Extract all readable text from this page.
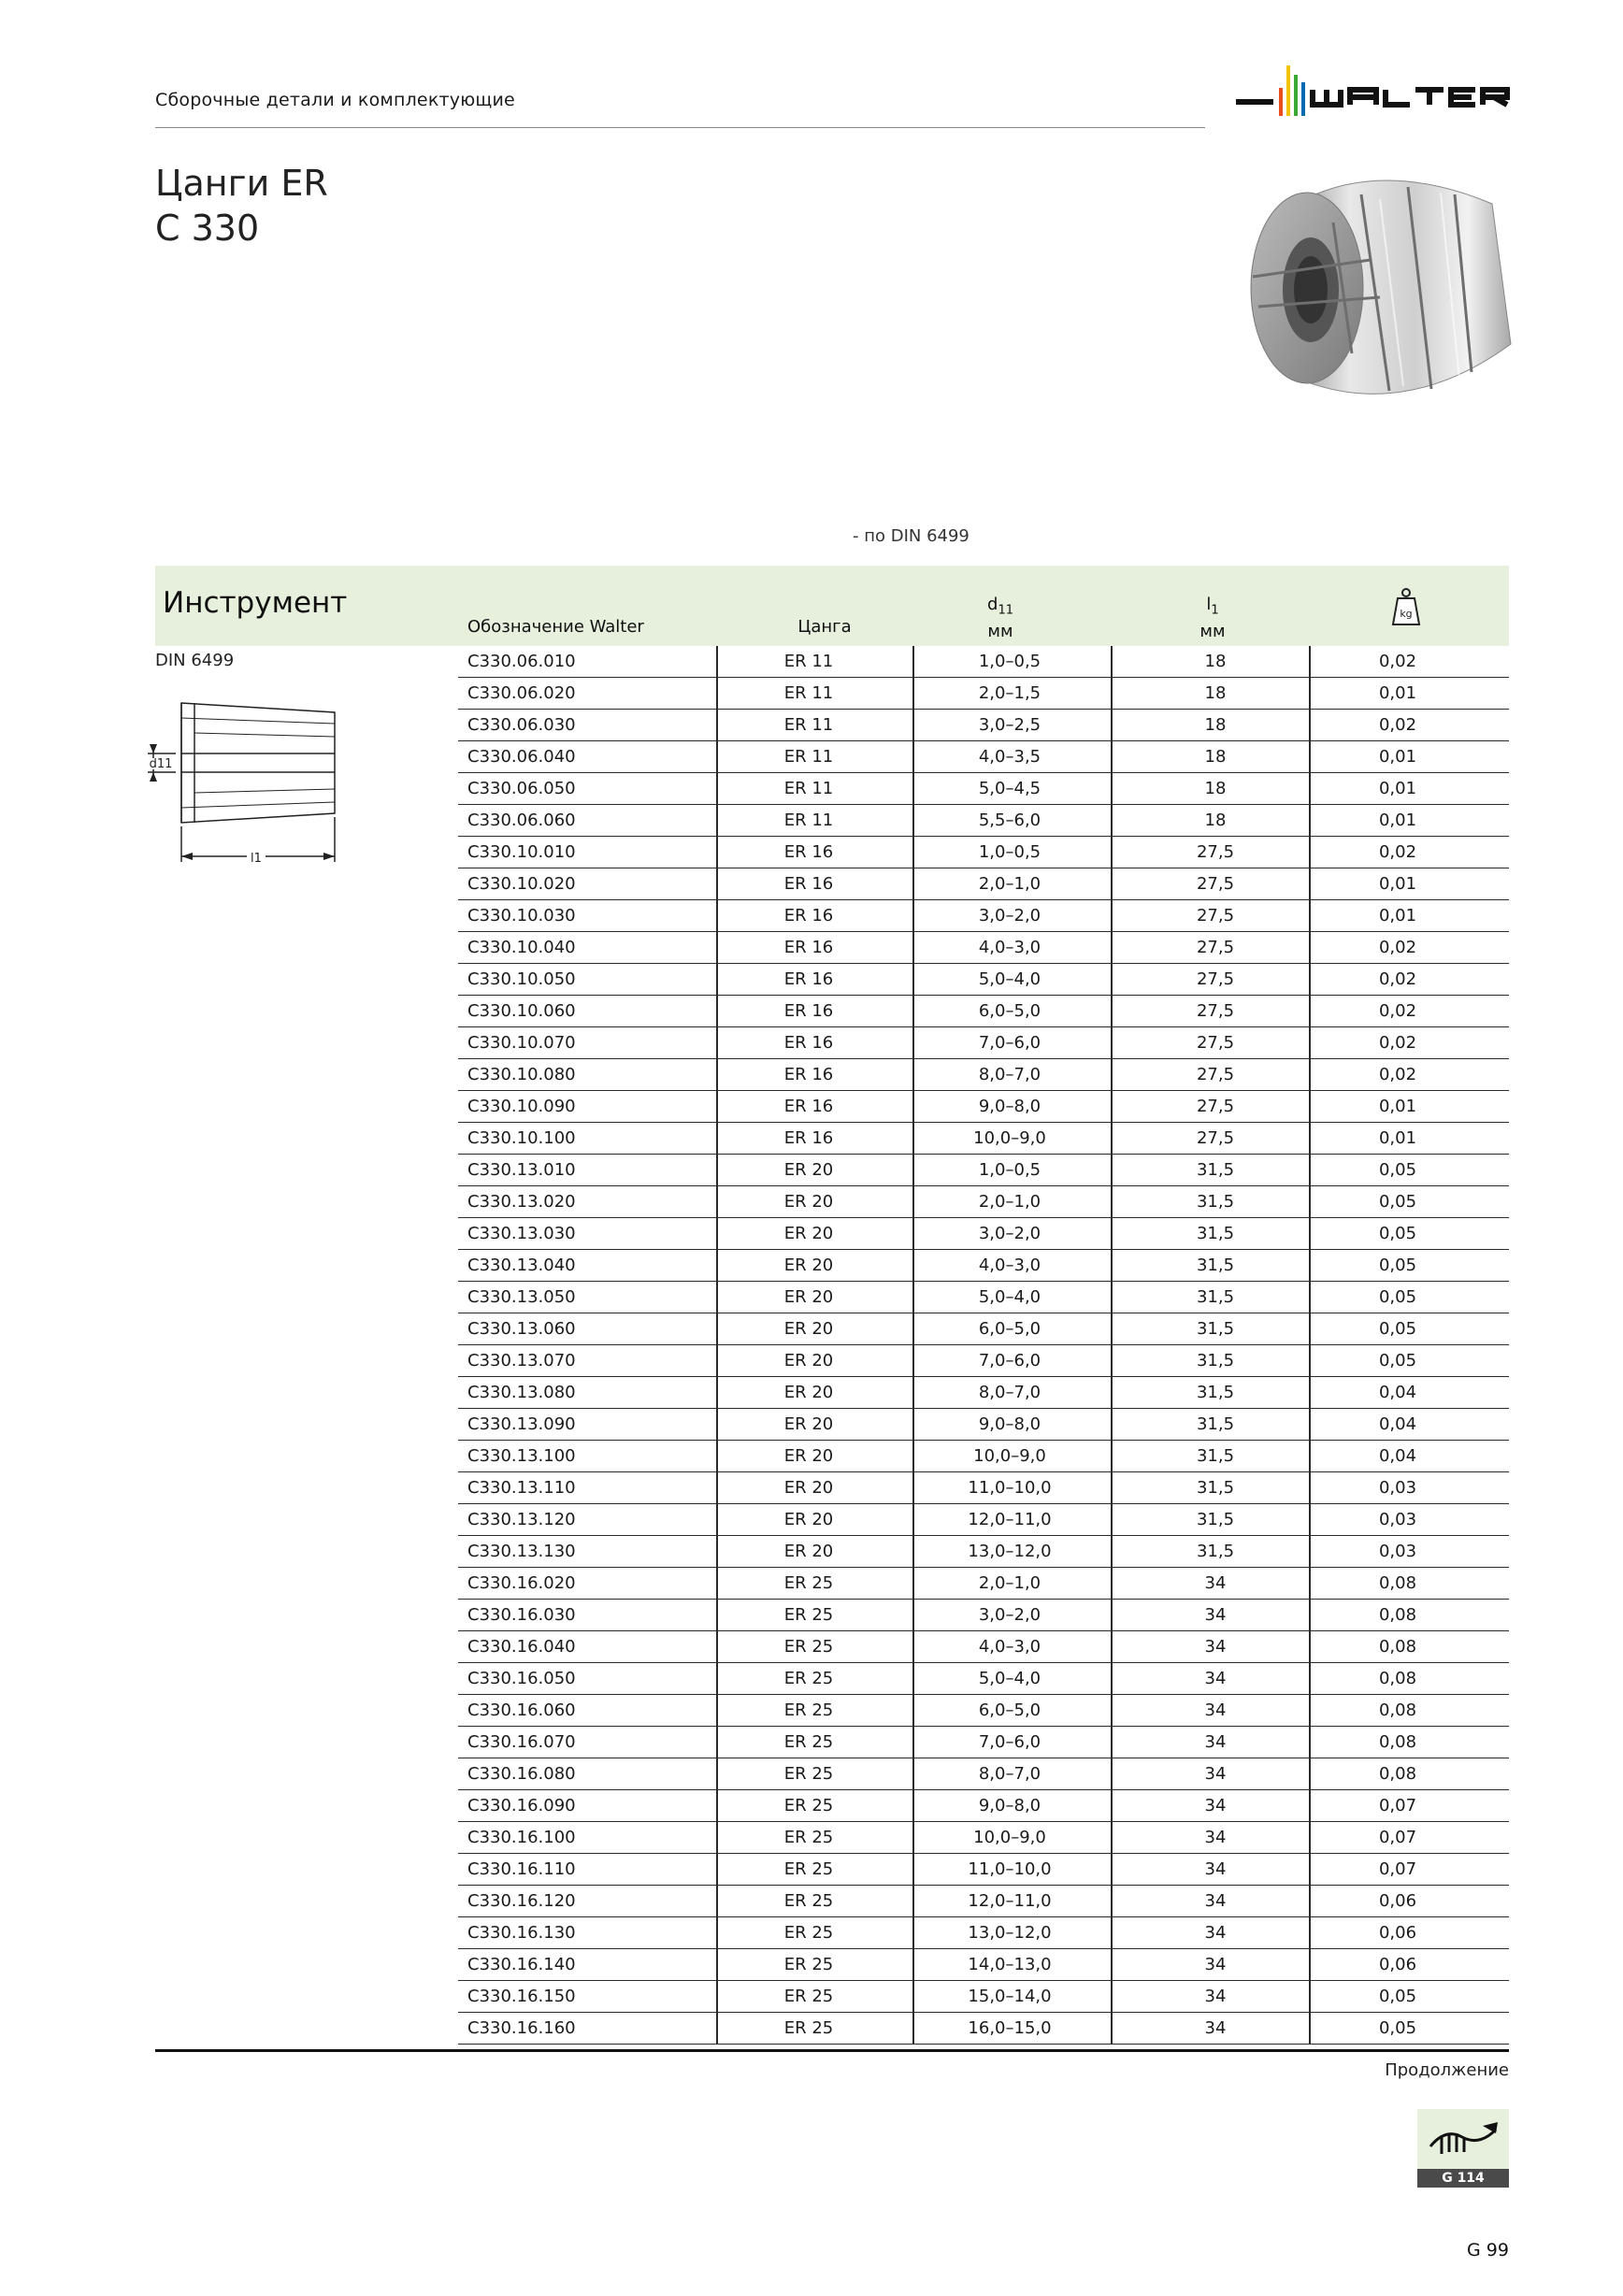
Сборочные детали и комплектующие
Цанги ER
C 330
- по DIN 6499
Инструмент
Обозначение Walter	Цанга
$d_{11}$
мм
$l_1$
мм
kg
DIN 6499
d11
l1
C330.06.010	ER 11	1,0–0,5	18	0,02
C330.06.020	ER 11	2,0–1,5	18	0,01
C330.06.030	ER 11	3,0–2,5	18	0,02
C330.06.040	ER 11	4,0–3,5	18	0,01
C330.06.050	ER 11	5,0–4,5	18	0,01
C330.06.060	ER 11	5,5–6,0	18	0,01
C330.10.010	ER 16	1,0–0,5	27,5	0,02
C330.10.020	ER 16	2,0–1,0	27,5	0,01
C330.10.030	ER 16	3,0–2,0	27,5	0,01
C330.10.040	ER 16	4,0–3,0	27,5	0,02
C330.10.050	ER 16	5,0–4,0	27,5	0,02
C330.10.060	ER 16	6,0–5,0	27,5	0,02
C330.10.070	ER 16	7,0–6,0	27,5	0,02
C330.10.080	ER 16	8,0–7,0	27,5	0,02
C330.10.090	ER 16	9,0–8,0	27,5	0,01
C330.10.100	ER 16	10,0–9,0	27,5	0,01
C330.13.010	ER 20	1,0–0,5	31,5	0,05
C330.13.020	ER 20	2,0–1,0	31,5	0,05
C330.13.030	ER 20	3,0–2,0	31,5	0,05
C330.13.040	ER 20	4,0–3,0	31,5	0,05
C330.13.050	ER 20	5,0–4,0	31,5	0,05
C330.13.060	ER 20	6,0–5,0	31,5	0,05
C330.13.070	ER 20	7,0–6,0	31,5	0,05
C330.13.080	ER 20	8,0–7,0	31,5	0,04
C330.13.090	ER 20	9,0–8,0	31,5	0,04
C330.13.100	ER 20	10,0–9,0	31,5	0,04
C330.13.110	ER 20	11,0–10,0	31,5	0,03
C330.13.120	ER 20	12,0–11,0	31,5	0,03
C330.13.130	ER 20	13,0–12,0	31,5	0,03
C330.16.020	ER 25	2,0–1,0	34	0,08
C330.16.030	ER 25	3,0–2,0	34	0,08
C330.16.040	ER 25	4,0–3,0	34	0,08
C330.16.050	ER 25	5,0–4,0	34	0,08
C330.16.060	ER 25	6,0–5,0	34	0,08
C330.16.070	ER 25	7,0–6,0	34	0,08
C330.16.080	ER 25	8,0–7,0	34	0,08
C330.16.090	ER 25	9,0–8,0	34	0,07
C330.16.100	ER 25	10,0–9,0	34	0,07
C330.16.110	ER 25	11,0–10,0	34	0,07
C330.16.120	ER 25	12,0–11,0	34	0,06
C330.16.130	ER 25	13,0–12,0	34	0,06
C330.16.140	ER 25	14,0–13,0	34	0,06
C330.16.150	ER 25	15,0–14,0	34	0,05
C330.16.160	ER 25	16,0–15,0	34	0,05
Продолжение
G 114
G 99
